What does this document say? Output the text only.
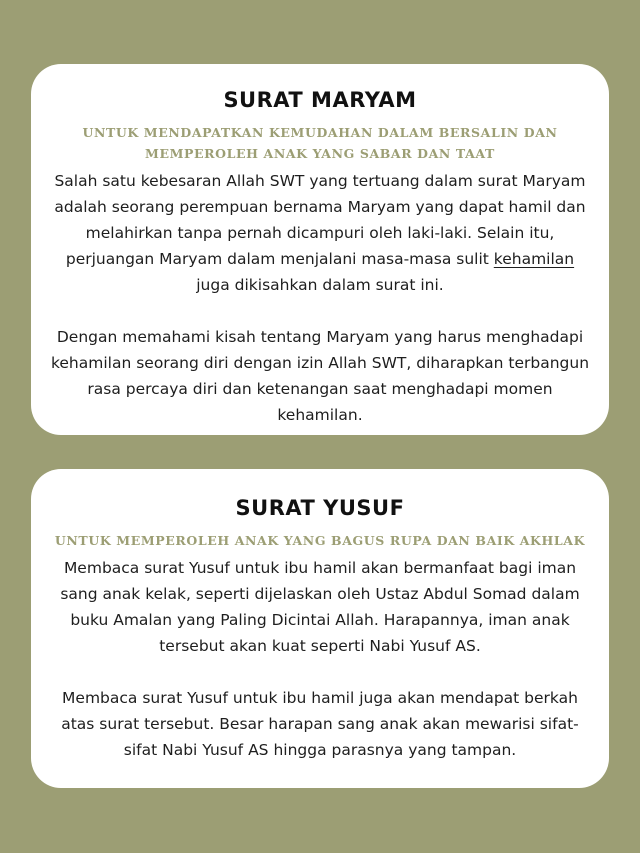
SURAT MARYAM

UNTUK MENDAPATKAN KEMUDAHAN DALAM BERSALIN DAN MEMPEROLEH ANAK YANG SABAR DAN TAAT

Salah satu kebesaran Allah SWT yang tertuang dalam surat Maryam adalah seorang perempuan bernama Maryam yang dapat hamil dan melahirkan tanpa pernah dicampuri oleh laki-laki. Selain itu, perjuangan Maryam dalam menjalani masa-masa sulit kehamilan juga dikisahkan dalam surat ini.

Dengan memahami kisah tentang Maryam yang harus menghadapi kehamilan seorang diri dengan izin Allah SWT, diharapkan terbangun rasa percaya diri dan ketenangan saat menghadapi momen kehamilan.

SURAT YUSUF

UNTUK MEMPEROLEH ANAK YANG BAGUS RUPA DAN BAIK AKHLAK

Membaca surat Yusuf untuk ibu hamil akan bermanfaat bagi iman sang anak kelak, seperti dijelaskan oleh Ustaz Abdul Somad dalam buku Amalan yang Paling Dicintai Allah. Harapannya, iman anak tersebut akan kuat seperti Nabi Yusuf AS.

Membaca surat Yusuf untuk ibu hamil juga akan mendapat berkah atas surat tersebut. Besar harapan sang anak akan mewarisi sifat-sifat Nabi Yusuf AS hingga parasnya yang tampan.
